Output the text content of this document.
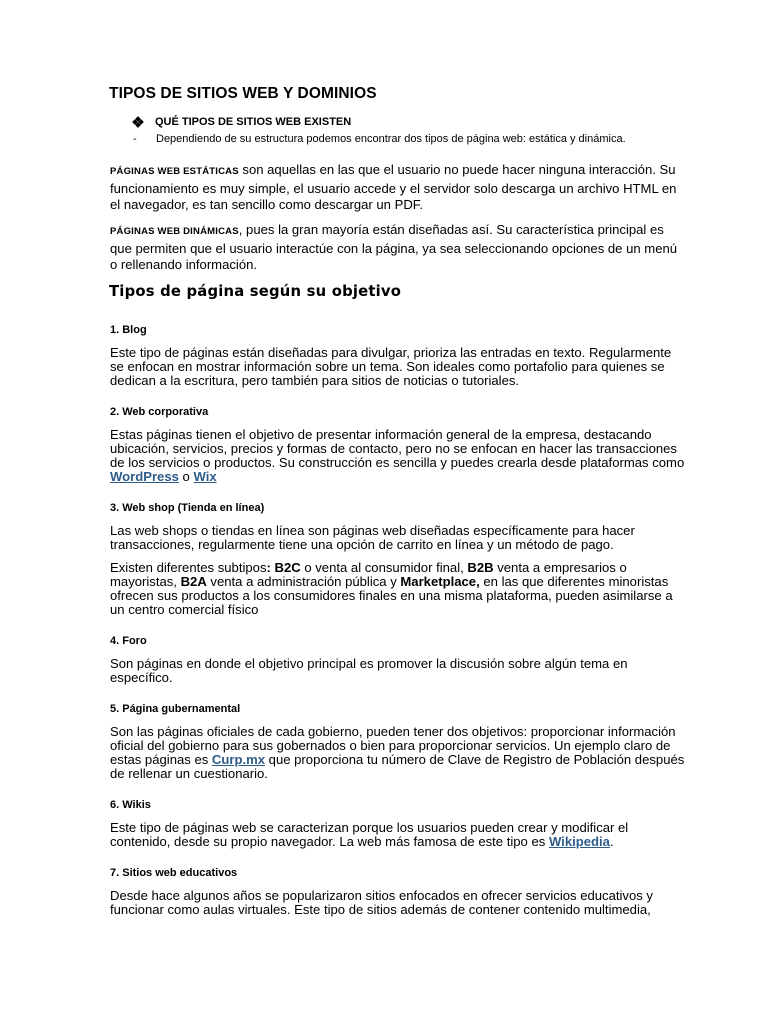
TIPOS DE SITIOS WEB Y DOMINIOS
QUÉ TIPOS DE SITIOS WEB EXISTEN
-	Dependiendo de su estructura podemos encontrar dos tipos de página web: estática y dinámica.

PÁGINAS WEB ESTÁTICAS son aquellas en las que el usuario no puede hacer ninguna interacción. Su funcionamiento es muy simple, el usuario accede y el servidor solo descarga un archivo HTML en el navegador, es tan sencillo como descargar un PDF.

PÁGINAS WEB DINÁMICAS, pues la gran mayoría están diseñadas así. Su característica principal es que permiten que el usuario interactúe con la página, ya sea seleccionando opciones de un menú o rellenando información.

Tipos de página según su objetivo
1. Blog

Este tipo de páginas están diseñadas para divulgar, prioriza las entradas en texto. Regularmente se enfocan en mostrar información sobre un tema. Son ideales como portafolio para quienes se dedican a la escritura, pero también para sitios de noticias o tutoriales.

2. Web corporativa

Estas páginas tienen el objetivo de presentar información general de la empresa, destacando ubicación, servicios, precios y formas de contacto, pero no se enfocan en hacer las transacciones de los servicios o productos. Su construcción es sencilla y puedes crearla desde plataformas como WordPress o Wix

3. Web shop (Tienda en línea)

Las web shops o tiendas en línea son páginas web diseñadas específicamente para hacer transacciones, regularmente tiene una opción de carrito en línea y un método de pago.

Existen diferentes subtipos: B2C o venta al consumidor final, B2B venta a empresarios o mayoristas, B2A venta a administración pública y Marketplace, en las que diferentes minoristas ofrecen sus productos a los consumidores finales en una misma plataforma, pueden asimilarse a un centro comercial físico

4. Foro

Son páginas en donde el objetivo principal es promover la discusión sobre algún tema en específico.

5. Página gubernamental

Son las páginas oficiales de cada gobierno, pueden tener dos objetivos: proporcionar información oficial del gobierno para sus gobernados o bien para proporcionar servicios. Un ejemplo claro de estas páginas es Curp.mx que proporciona tu número de Clave de Registro de Población después de rellenar un cuestionario.

6. Wikis

Este tipo de páginas web se caracterizan porque los usuarios pueden crear y modificar el contenido, desde su propio navegador. La web más famosa de este tipo es Wikipedia.

7. Sitios web educativos

Desde hace algunos años se popularizaron sitios enfocados en ofrecer servicios educativos y funcionar como aulas virtuales. Este tipo de sitios además de contener contenido multimedia,
